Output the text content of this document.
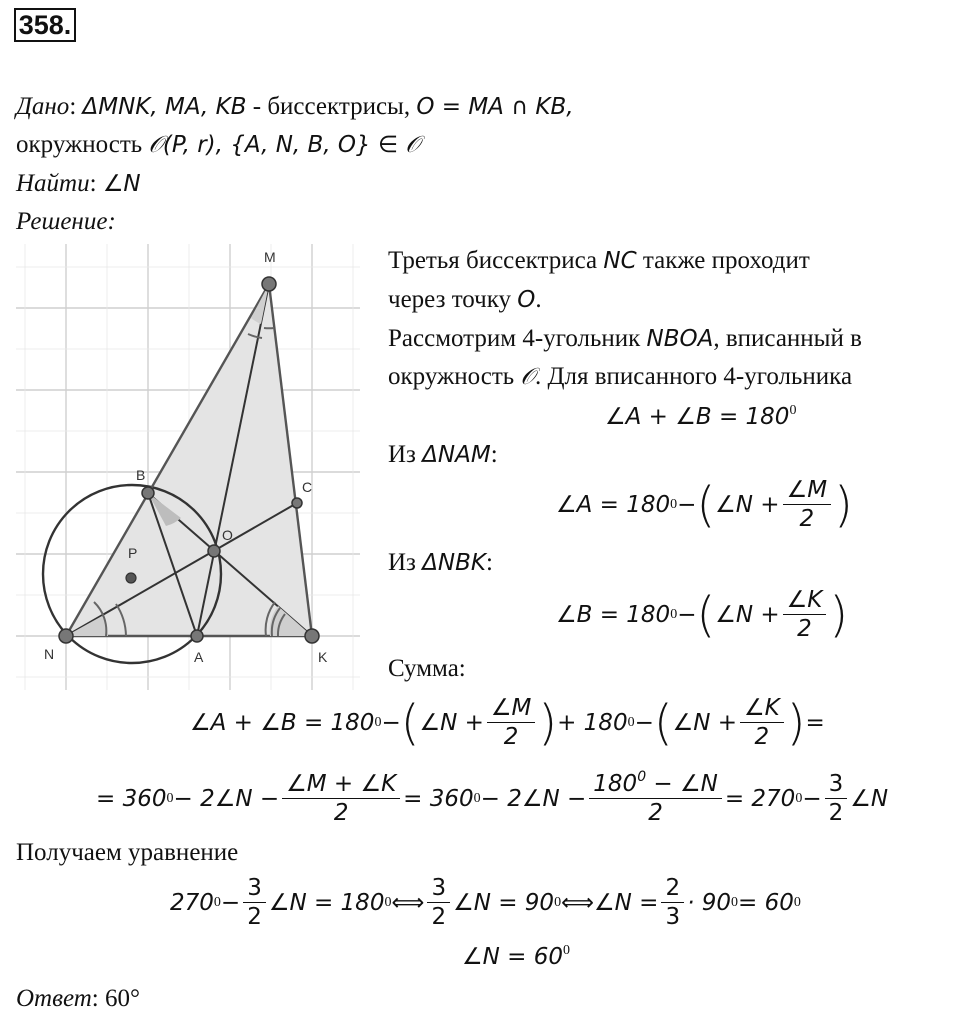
358.
Дано: ΔMNK, MA, KB - биссектрисы, O = MA ∩ KB,
окружность 𝒪(P, r), {A, N, B, O} ∈ 𝒪
Найти: ∠N
Решение:
M
B
C
O
P
N	A	K
Третья биссектриса NC также проходит
через точку O.
Рассмотрим 4-угольник NBOA, вписанный в
окружность 𝒪. Для вписанного 4-угольника
∠A + ∠B = $180^0$
Из ΔNAM:
∠A = 180 0 − ( ∠N + $\frac{\angle M}{2}$ )
Из ΔNBK:
∠B = 180 0 − ( ∠N + $\frac{\angle K}{2}$ )
Сумма:
∠A + ∠B = 180 0 − ( ∠N + $\frac{\angle M}{2}$ ) + 180 0 − ( ∠N + $\frac{\angle K}{2}$ ) =
= 360 0 − 2∠N − $\frac{\angle M + \angle K}{2} = 360$ 0 − 2∠N − $\frac{180^0 - \angle N}{2} = 270$ $0 - \frac{3}{2}$ ∠N
Получаем уравнение
270 $0 - \frac{3}{2}$ ∠N = 180 0 ⟺ $\frac{3}{2}$ ∠N = 90 0 ⟺ ∠N = $\frac{2}{3} \cdot 90$ 0 = 60 0
∠N = $60^0$
Ответ: 60°
